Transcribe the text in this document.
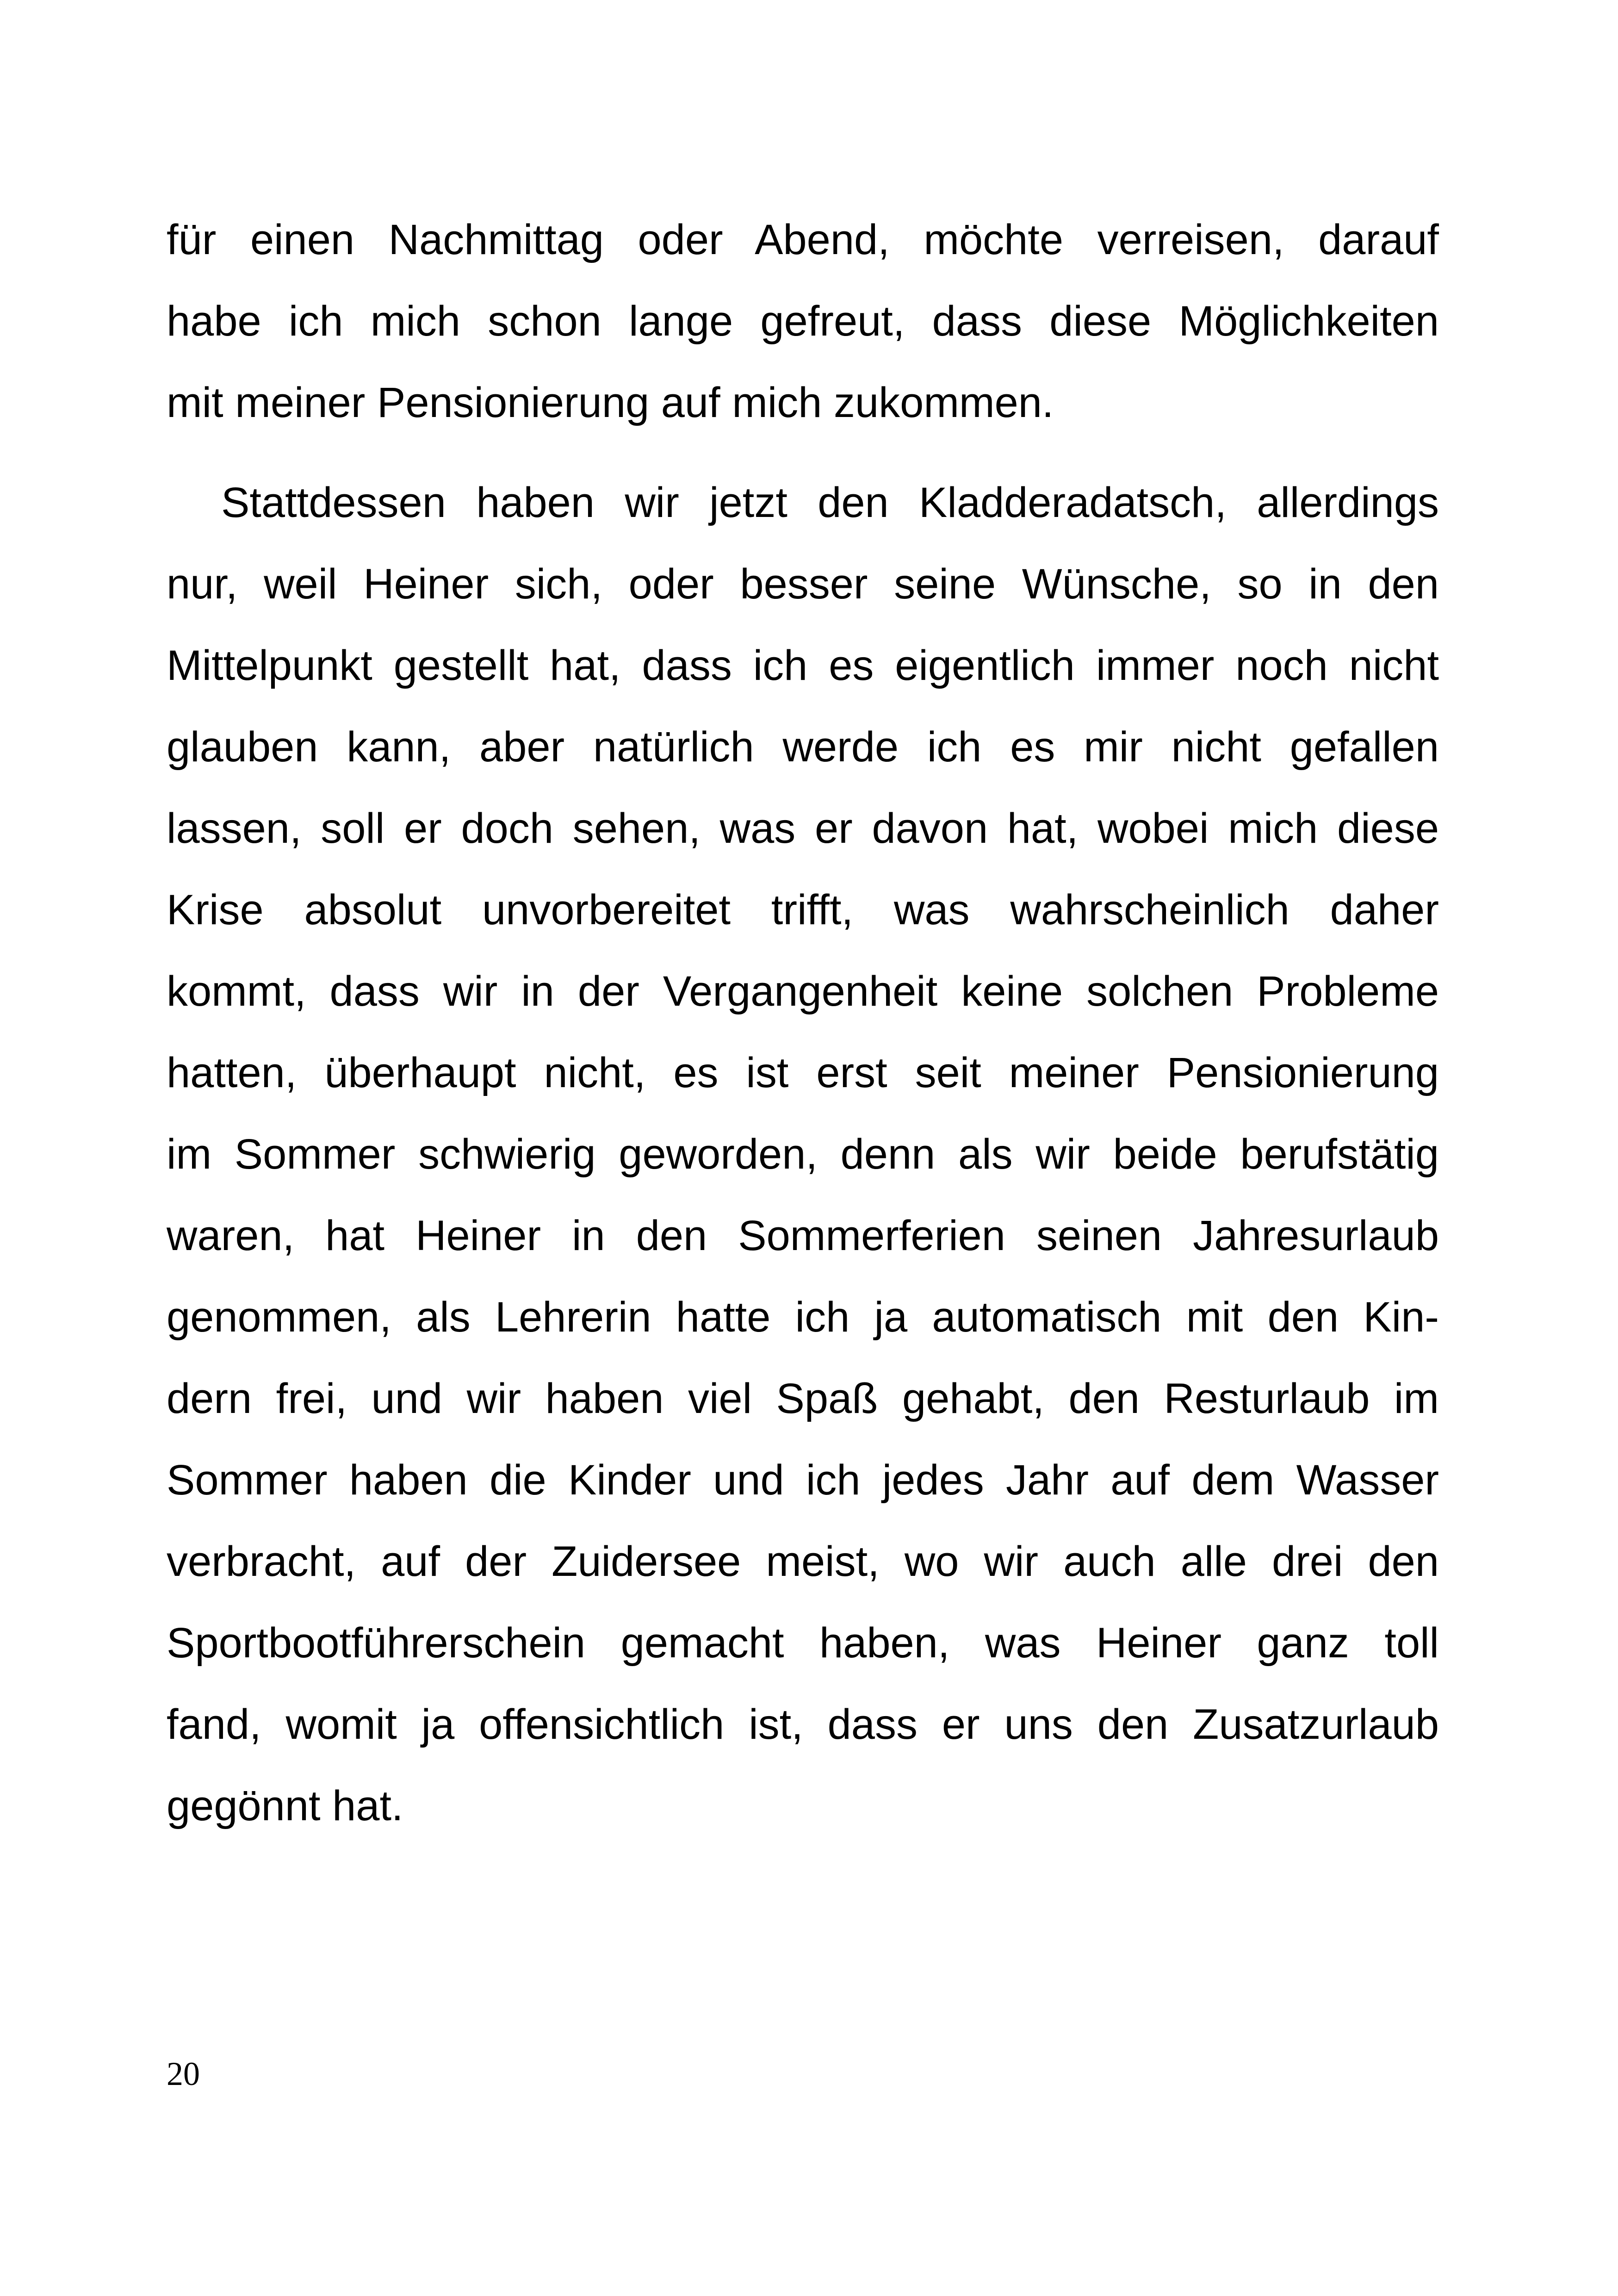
für einen Nachmittag oder Abend, möchte verreisen, darauf
habe ich mich schon lange gefreut, dass diese Möglichkeiten
mit meiner Pensionierung auf mich zukommen.
Stattdessen haben wir jetzt den Kladderadatsch, allerdings
nur, weil Heiner sich, oder besser seine Wünsche, so in den
Mittelpunkt gestellt hat, dass ich es eigentlich immer noch nicht
glauben kann, aber natürlich werde ich es mir nicht gefallen
lassen, soll er doch sehen, was er davon hat, wobei mich diese
Krise absolut unvorbereitet trifft, was wahrscheinlich daher
kommt, dass wir in der Vergangenheit keine solchen Probleme
hatten, überhaupt nicht, es ist erst seit meiner Pensionierung
im Sommer schwierig geworden, denn als wir beide berufstätig
waren, hat Heiner in den Sommerferien seinen Jahresurlaub
genommen, als Lehrerin hatte ich ja automatisch mit den Kin-
dern frei, und wir haben viel Spaß gehabt, den Resturlaub im
Sommer haben die Kinder und ich jedes Jahr auf dem Wasser
verbracht, auf der Zuidersee meist, wo wir auch alle drei den
Sportbootführerschein gemacht haben, was Heiner ganz toll
fand, womit ja offensichtlich ist, dass er uns den Zusatzurlaub
gegönnt hat.
20
